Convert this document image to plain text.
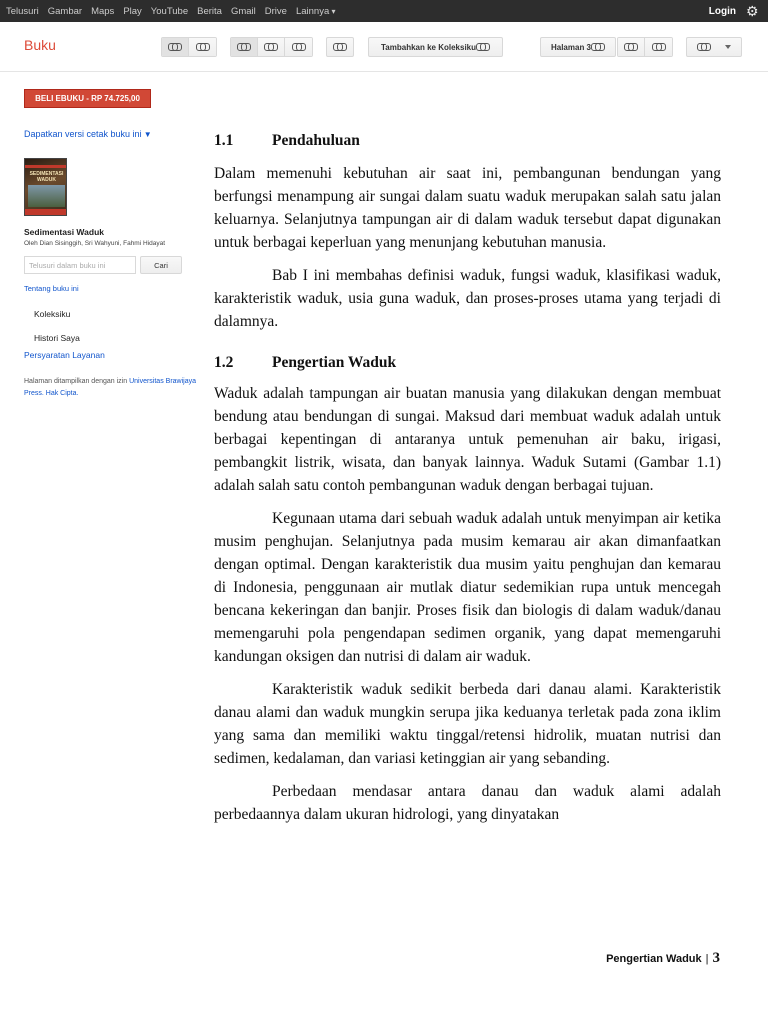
Telusuri Gambar Maps Play YouTube Berita Gmail Drive Lainnya ▾	Login ⚙
Buku	Tambahkan ke Koleksiku	Halaman 3
BELI EBUKU - RP 74.725,00
Dapatkan versi cetak buku ini ▼
SEDIMENTASI WADUK
Sedimentasi Waduk
Oleh Dian Sisinggih, Sri Wahyuni, Fahmi Hidayat
Telusuri dalam buku ini
Cari
Tentang buku ini
Koleksiku
Histori Saya
Persyaratan Layanan
Halaman ditampilkan dengan izin Universitas Brawijaya Press. Hak Cipta.
1.1	Pendahuluan

Dalam memenuhi kebutuhan air saat ini, pembangunan bendungan yang berfungsi menampung air sungai dalam suatu waduk merupakan salah satu jalan keluarnya. Selanjutnya tampungan air di dalam waduk tersebut dapat digunakan untuk berbagai keperluan yang menunjang kebutuhan manusia.

Bab I ini membahas definisi waduk, fungsi waduk, klasifikasi waduk, karakteristik waduk, usia guna waduk, dan proses-proses utama yang terjadi di dalamnya.

1.2	Pengertian Waduk

Waduk adalah tampungan air buatan manusia yang dilakukan dengan membuat bendung atau bendungan di sungai. Maksud dari membuat waduk adalah untuk berbagai kepentingan di antaranya untuk pemenuhan air baku, irigasi, pembangkit listrik, wisata, dan banyak lainnya. Waduk Sutami (Gambar 1.1) adalah salah satu contoh pembangunan waduk dengan berbagai tujuan.

Kegunaan utama dari sebuah waduk adalah untuk menyimpan air ketika musim penghujan. Selanjutnya pada musim kemarau air akan dimanfaatkan dengan optimal. Dengan karakteristik dua musim yaitu penghujan dan kemarau di Indonesia, penggunaan air mutlak diatur sedemikian rupa untuk mencegah bencana kekeringan dan banjir. Proses fisik dan biologis di dalam waduk/danau memengaruhi pola pengendapan sedimen organik, yang dapat memengaruhi kandungan oksigen dan nutrisi di dalam air waduk.

Karakteristik waduk sedikit berbeda dari danau alami. Karakteristik danau alami dan waduk mungkin serupa jika keduanya terletak pada zona iklim yang sama dan memiliki waktu tinggal/retensi hidrolik, muatan nutrisi dan sedimen, kedalaman, dan variasi ketinggian air yang sebanding.

Perbedaan mendasar antara danau dan waduk alami adalah perbedaannya dalam ukuran hidrologi, yang dinyatakan

Pengertian Waduk | 3
